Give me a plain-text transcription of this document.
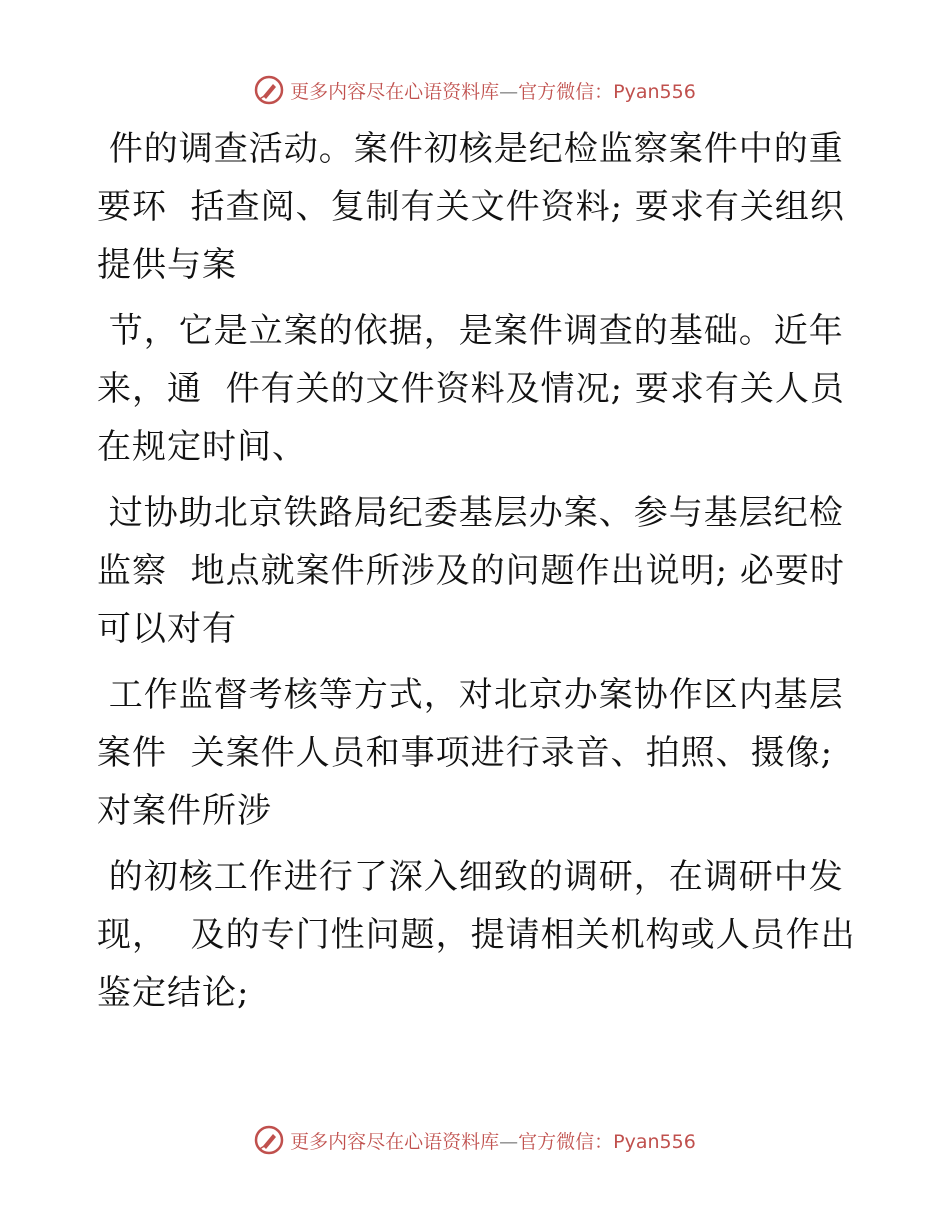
更多内容尽在心语资料库—官方微信：Pyan556
件的调查活动。案件初核是纪检监察案件中的重
要环  括查阅、复制有关文件资料; 要求有关组织
提供与案
节，它是立案的依据，是案件调查的基础。近年
来，通  件有关的文件资料及情况; 要求有关人员
在规定时间、
过协助北京铁路局纪委基层办案、参与基层纪检
监察  地点就案件所涉及的问题作出说明; 必要时
可以对有
工作监督考核等方式，对北京办案协作区内基层
案件  关案件人员和事项进行录音、拍照、摄像;
对案件所涉
的初核工作进行了深入细致的调研，在调研中发
现，  及的专门性问题，提请相关机构或人员作出
鉴定结论;
更多内容尽在心语资料库—官方微信：Pyan556
